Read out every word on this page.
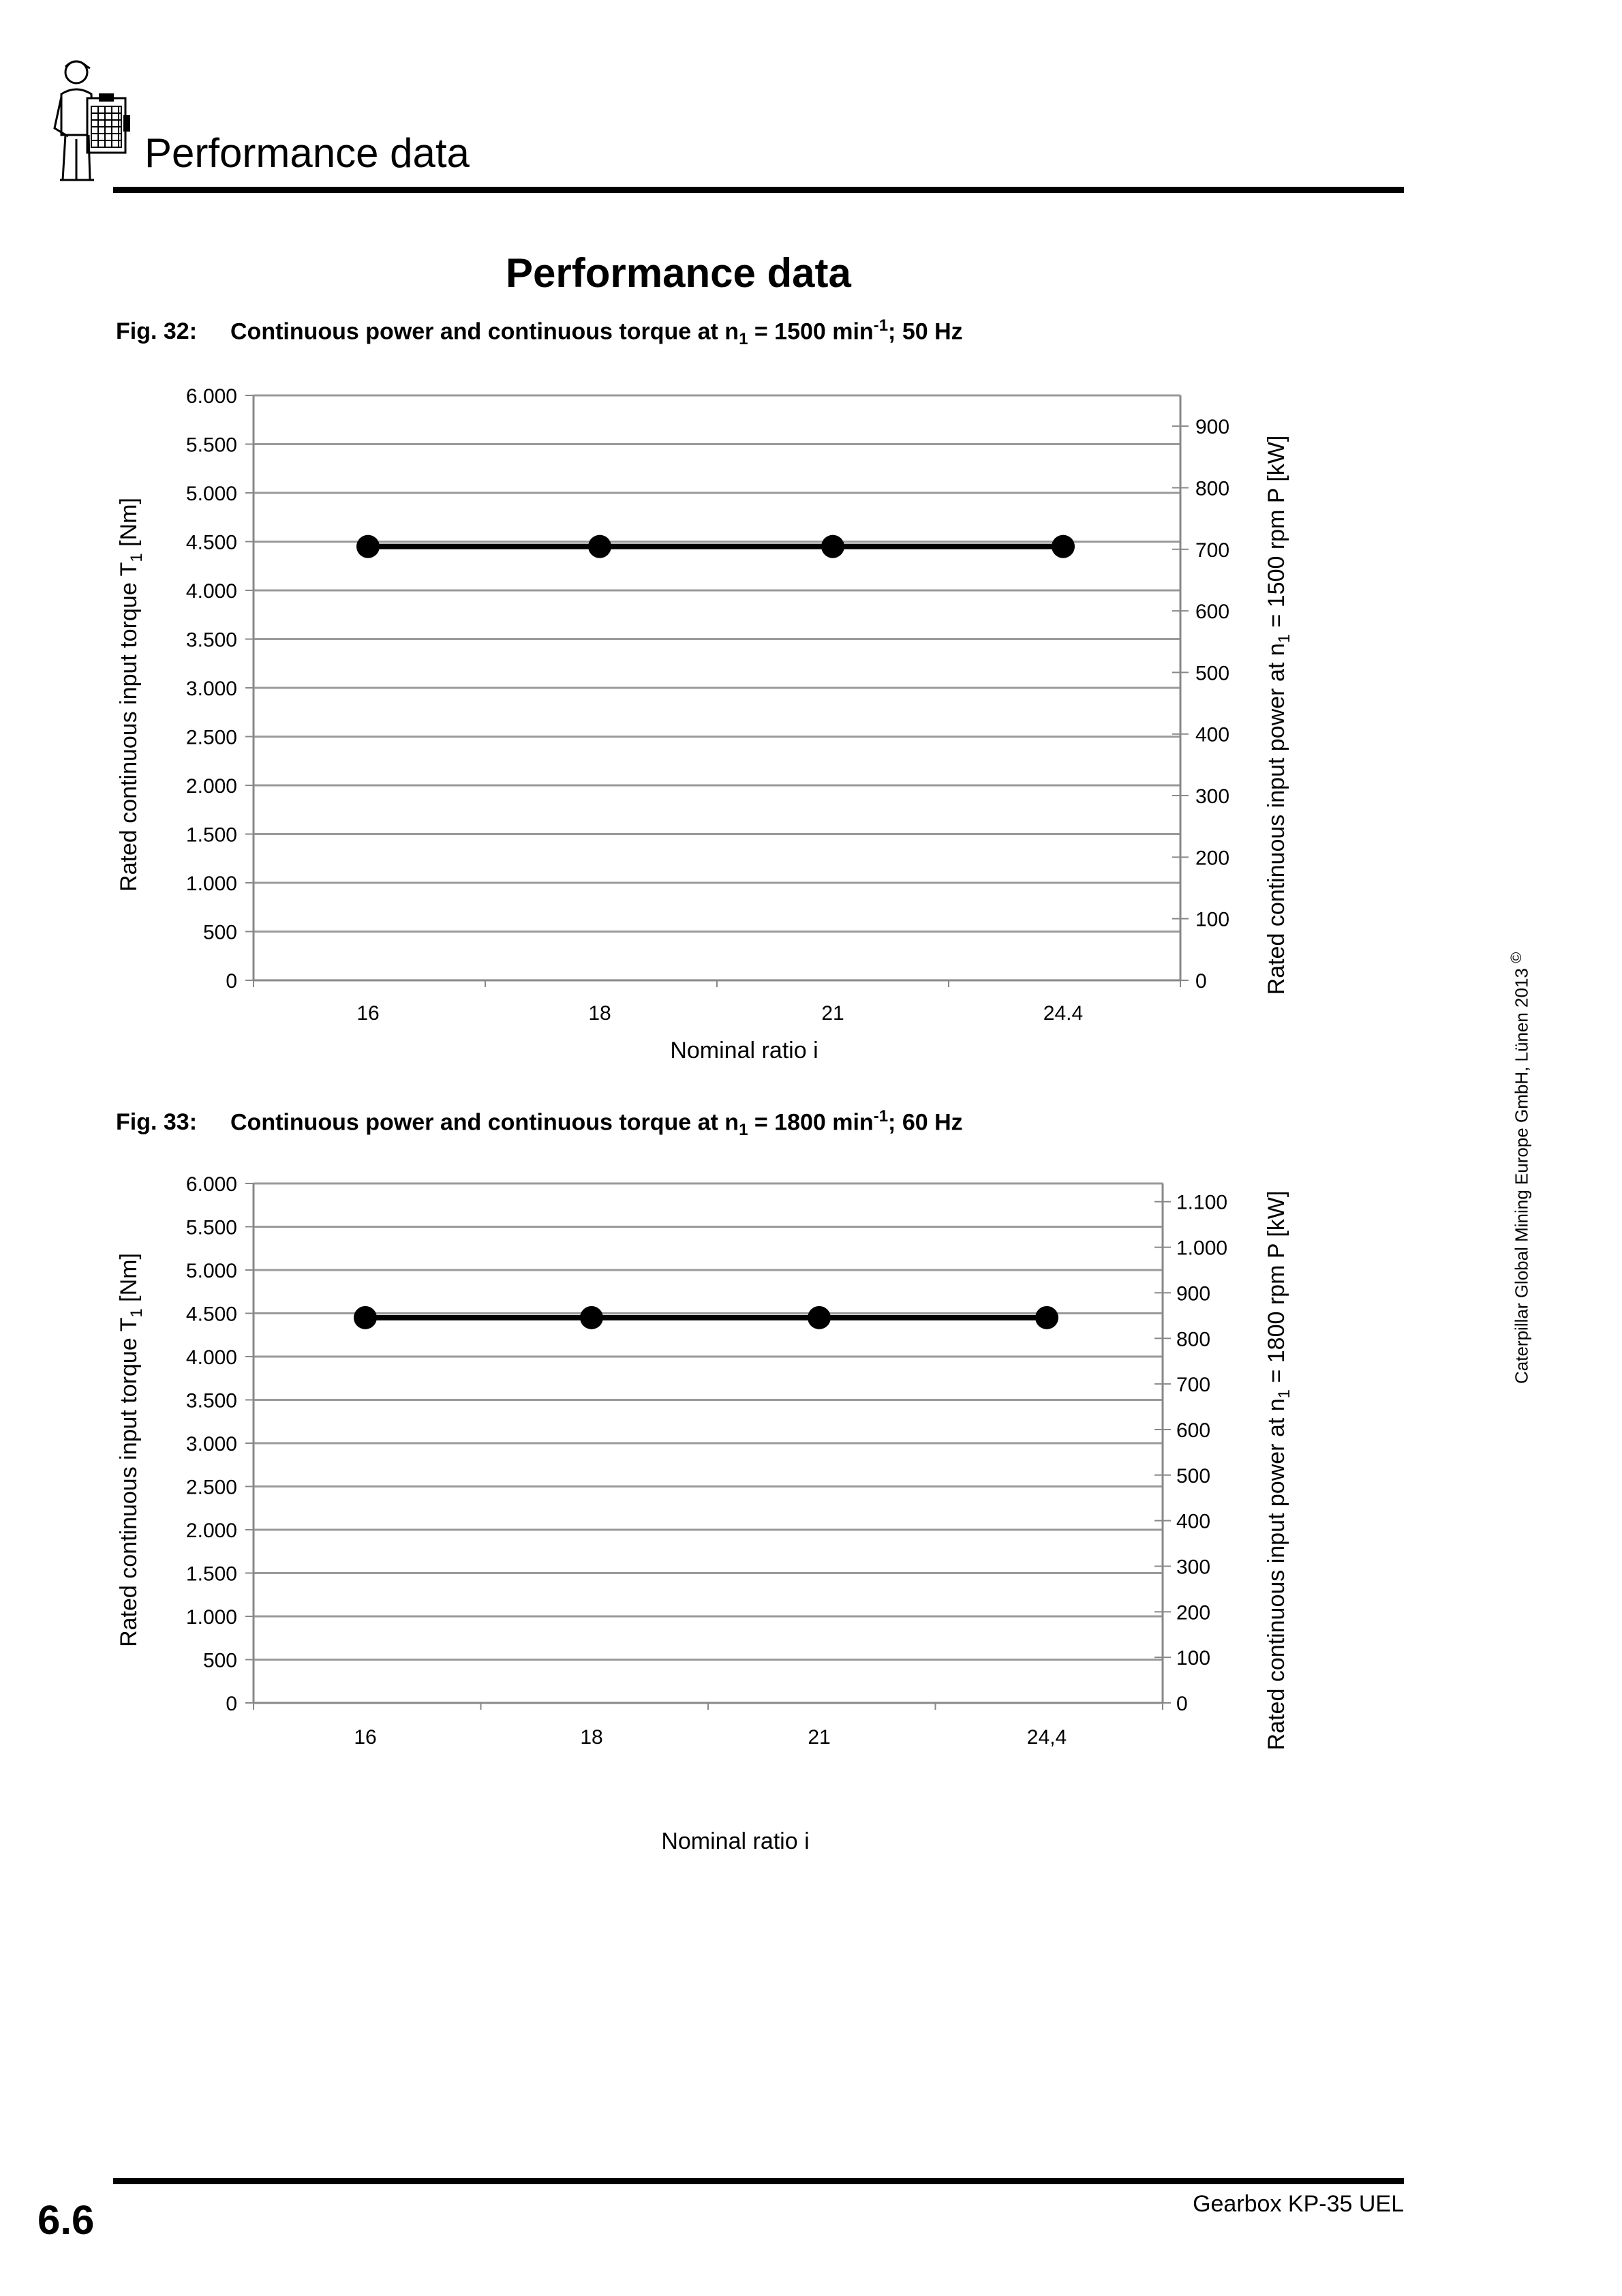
Performance data
Performance data
Fig. 32: Continuous power and continuous torque at $n_1 = 1500$ $\min^{-1}$; 50 Hz
0
500
1.000
1.500
2.000
2.500
3.000
3.500
4.000
4.500
5.000
5.500
6.000
0
100
200
300
400
500
600
700
800
900
16	18	21	24.4
Nominal ratio i
Rated continuous input torque $T_1$ [Nm]
Rated continuous input power at $n_1 = 1500$ rpm P [kW]
Fig. 33: Continuous power and continuous torque at $n_1 = 1800$ $\min^{-1}$; 60 Hz
0
500
1.000
1.500
2.000
2.500
3.000
3.500
4.000
4.500
5.000
5.500
6.000
0
100
200
300
400
500
600
700
800
900
1.000
1.100
16	18	21	24,4
Nominal ratio i
Rated continuous input torque $T_1$ [Nm]
Rated continuous input power at $n_1 = 1800$ rpm P [kW]	Caterpillar Global Mining Europe GmbH, Lünen 2013 ©
Gearbox KP-35 UEL
6.6
